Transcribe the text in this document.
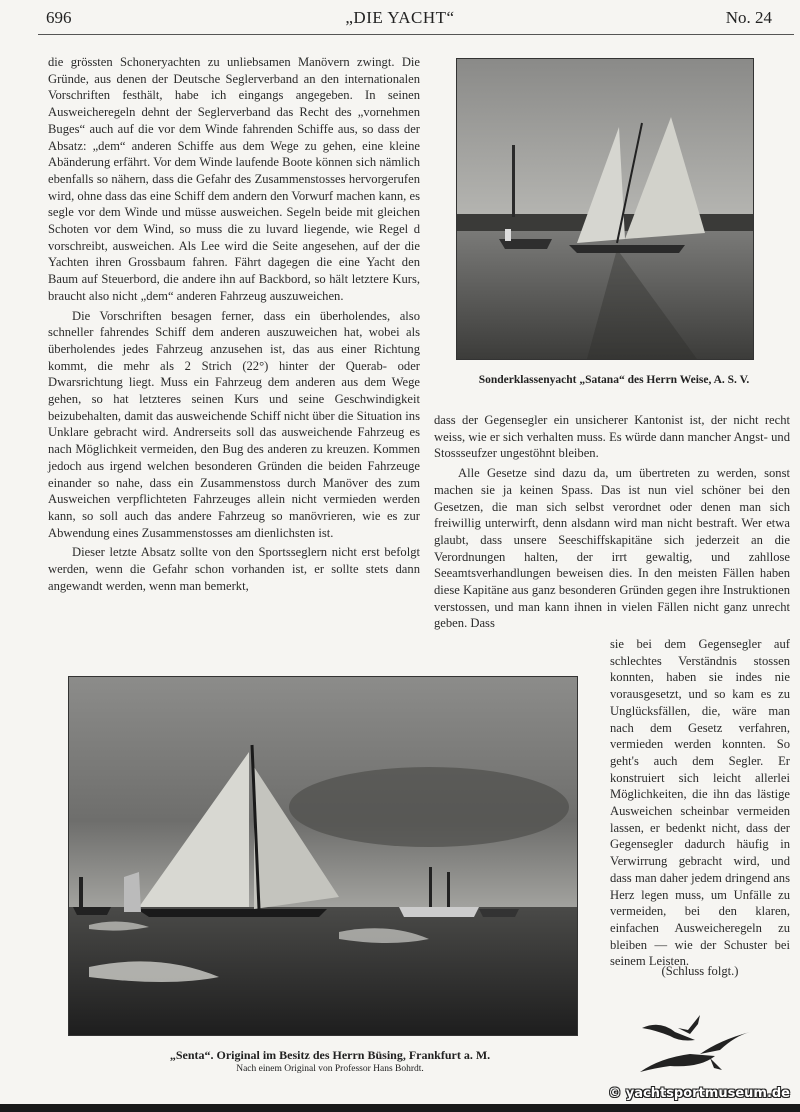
696	„DIE YACHT“	No. 24

die grössten Schoneryachten zu unliebsamen Manövern zwingt. Die Gründe, aus denen der Deutsche Seglerverband an den internationalen Vorschriften festhält, habe ich eingangs angegeben. In seinen Ausweicheregeln dehnt der Seglerverband das Recht des „vornehmen Buges“ auch auf die vor dem Winde fahrenden Schiffe aus, so dass der Absatz: „dem“ anderen Schiffe aus dem Wege zu gehen, eine kleine Abänderung erfährt. Vor dem Winde laufende Boote können sich nämlich ebenfalls so nähern, dass die Gefahr des Zusammenstosses hervorgerufen wird, ohne dass das eine Schiff dem andern den Vorwurf machen kann, es segle vor dem Winde und müsse ausweichen. Segeln beide mit gleichen Schoten vor dem Wind, so muss die zu luvard liegende, wie Regel d vorschreibt, ausweichen. Als Lee wird die Seite angesehen, auf der die Yachten ihren Grossbaum fahren. Fährt dagegen die eine Yacht den Baum auf Steuerbord, die andere ihn auf Backbord, so hält letztere Kurs, braucht also nicht „dem“ anderen Fahrzeug auszuweichen.

Die Vorschriften besagen ferner, dass ein überholendes, also schneller fahrendes Schiff dem anderen auszuweichen hat, wobei als überholendes jedes Fahrzeug anzusehen ist, das aus einer Richtung kommt, die mehr als 2 Strich (22°) hinter der Querab- oder Dwarsrichtung liegt. Muss ein Fahrzeug dem anderen aus dem Wege gehen, so hat letzteres seinen Kurs und seine Geschwindigkeit beizubehalten, damit das ausweichende Schiff nicht über die Situation ins Unklare gebracht wird. Andrerseits soll das ausweichende Fahrzeug es nach Möglichkeit vermeiden, den Bug des anderen zu kreuzen. Kommen jedoch aus irgend welchen besonderen Gründen die beiden Fahrzeuge einander so nahe, dass ein Zusammenstoss durch Manöver des zum Ausweichen verpflichteten Fahrzeuges allein nicht vermieden werden kann, so soll auch das andere Fahrzeug so manövrieren, wie es zur Abwendung eines Zusammenstosses am dienlichsten ist.

Dieser letzte Absatz sollte von den Sportsseglern nicht erst befolgt werden, wenn die Gefahr schon vorhanden ist, er sollte stets dann angewandt werden, wenn man bemerkt,

Sonderklassenyacht „Satana“ des Herrn Weise, A. S. V.

dass der Gegensegler ein unsicherer Kantonist ist, der nicht recht weiss, wie er sich verhalten muss. Es würde dann mancher Angst- und Stossseufzer ungestöhnt bleiben.

Alle Gesetze sind dazu da, um übertreten zu werden, sonst machen sie ja keinen Spass. Das ist nun viel schöner bei den Gesetzen, die man sich selbst verordnet oder denen man sich freiwillig unterwirft, denn alsdann wird man nicht bestraft. Wer etwa glaubt, dass unsere Seeschiffskapitäne sich jederzeit an die Verordnungen halten, der irrt gewaltig, und zahllose Seeamtsverhandlungen beweisen dies. In den meisten Fällen haben diese Kapitäne aus ganz besonderen Gründen gegen ihre Instruktionen verstossen, und man kann ihnen in vielen Fällen nicht ganz unrecht geben. Dass

sie bei dem Gegensegler auf schlechtes Verständnis stossen konnten, haben sie indes nie vorausgesetzt, und so kam es zu Unglücksfällen, die, wäre man nach dem Gesetz verfahren, vermieden werden konnten. So geht's auch dem Segler. Er konstruiert sich leicht allerlei Möglichkeiten, die ihn das lästige Ausweichen scheinbar vermeiden lassen, er bedenkt nicht, dass der Gegensegler dadurch häufig in Verwirrung gebracht wird, und dass man daher jedem dringend ans Herz legen muss, um Unfälle zu vermeiden, bei den klaren, einfachen Ausweicheregeln zu bleiben — wie der Schuster bei seinem Leisten.

(Schluss folgt.)
„Senta“. Original im Besitz des Herrn Büsing, Frankfurt a. M.
Nach einem Original von Professor Hans Bohrdt.
© yachtsportmuseum.de
